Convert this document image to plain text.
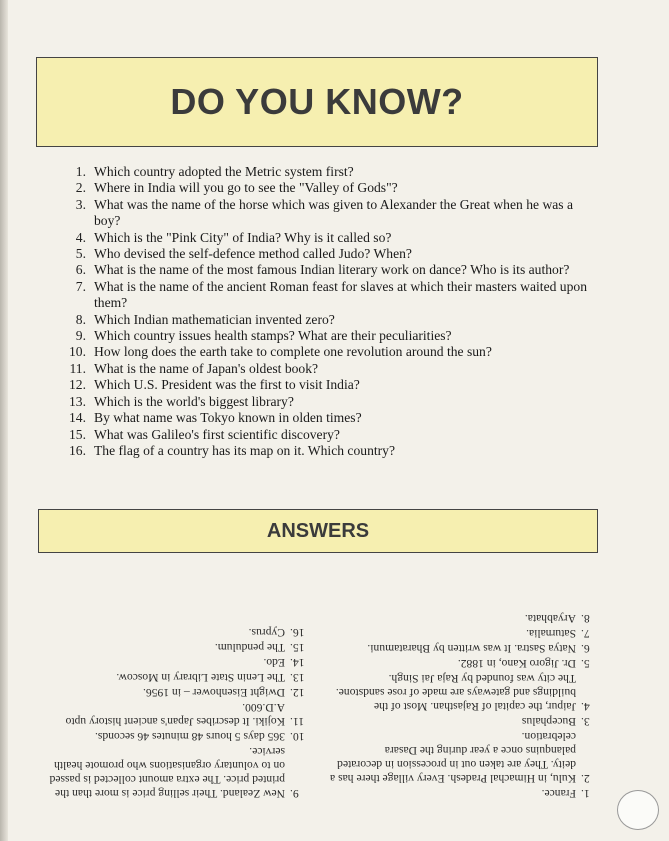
DO YOU KNOW?
1. Which country adopted the Metric system first?
2. Where in India will you go to see the "Valley of Gods"?
3. What was the name of the horse which was given to Alexander the Great when he was a boy?
4. Which is the "Pink City" of India? Why is it called so?
5. Who devised the self-defence method called Judo? When?
6. What is the name of the most famous Indian literary work on dance? Who is its author?
7. What is the name of the ancient Roman feast for slaves at which their masters waited upon them?
8. Which Indian mathematician invented zero?
9. Which country issues health stamps? What are their peculiarities?
10. How long does the earth take to complete one revolution around the sun?
11. What is the name of Japan's oldest book?
12. Which U.S. President was the first to visit India?
13. Which is the world's biggest library?
14. By what name was Tokyo known in olden times?
15. What was Galileo's first scientific discovery?
16. The flag of a country has its map on it. Which country?
ANSWERS
1.
France.
2.
Kulu, in Himachal Pradesh. Every village there has a deity. They are taken out in procession in decorated palanquins once a year during the Dasara celebration.
3.
Bucephalus
4.
Jaipur, the capital of Rajasthan. Most of the buildings and gateways are made of rose sandstone. The city was founded by Raja Jai Singh.
5.
Dr. Jigoro Kano, in 1882.
6.
Natya Sastra. It was written by Bharatamuni.
7.
Saturnalia.
8.
Aryabhata.
9.
New Zealand. Their selling price is more than the printed price. The extra amount collected is passed on to voluntary organisations who promote health service.
10.
365 days 5 hours 48 minutes 46 seconds.
11.
Kojiki. It describes Japan's ancient history upto A.D.600.
12.
Dwight Eisenhower – in 1956.
13.
The Lenin State Library in Moscow.
14.
Edo.
15.
The pendulum.
16.
Cyprus.
